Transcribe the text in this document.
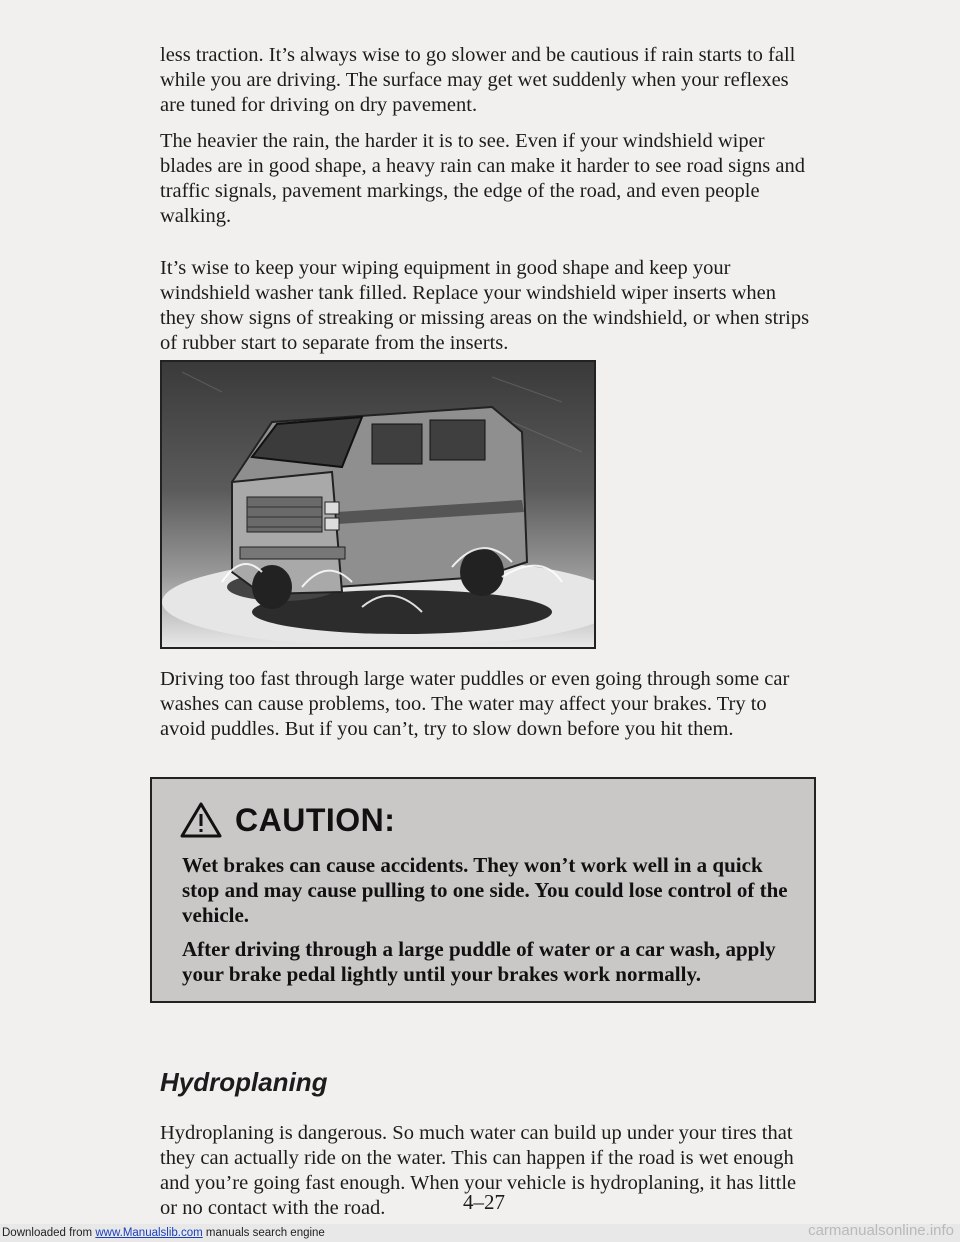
less traction. It’s always wise to go slower and be cautious if rain starts to fall while you are driving. The surface may get wet suddenly when your reflexes are tuned for driving on dry pavement.

The heavier the rain, the harder it is to see. Even if your windshield wiper blades are in good shape, a heavy rain can make it harder to see road signs and traffic signals, pavement markings, the edge of the road, and even people walking.

It’s wise to keep your wiping equipment in good shape and keep your windshield washer tank filled. Replace your windshield wiper inserts when they show signs of streaking or missing areas on the windshield, or when strips of rubber start to separate from the inserts.

Driving too fast through large water puddles or even going through some car washes can cause problems, too. The water may affect your brakes. Try to avoid puddles. But if you can’t, try to slow down before you hit them.

CAUTION:

Wet brakes can cause accidents. They won’t work well in a quick stop and may cause pulling to one side. You could lose control of the vehicle.

After driving through a large puddle of water or a car wash, apply your brake pedal lightly until your brakes work normally.

Hydroplaning

Hydroplaning is dangerous. So much water can build up under your tires that they can actually ride on the water. This can happen if the road is wet enough and you’re going fast enough. When your vehicle is hydroplaning, it has little or no contact with the road.	4–27

Downloaded from www.Manualslib.com manuals search engine	carmanualsonline.info
